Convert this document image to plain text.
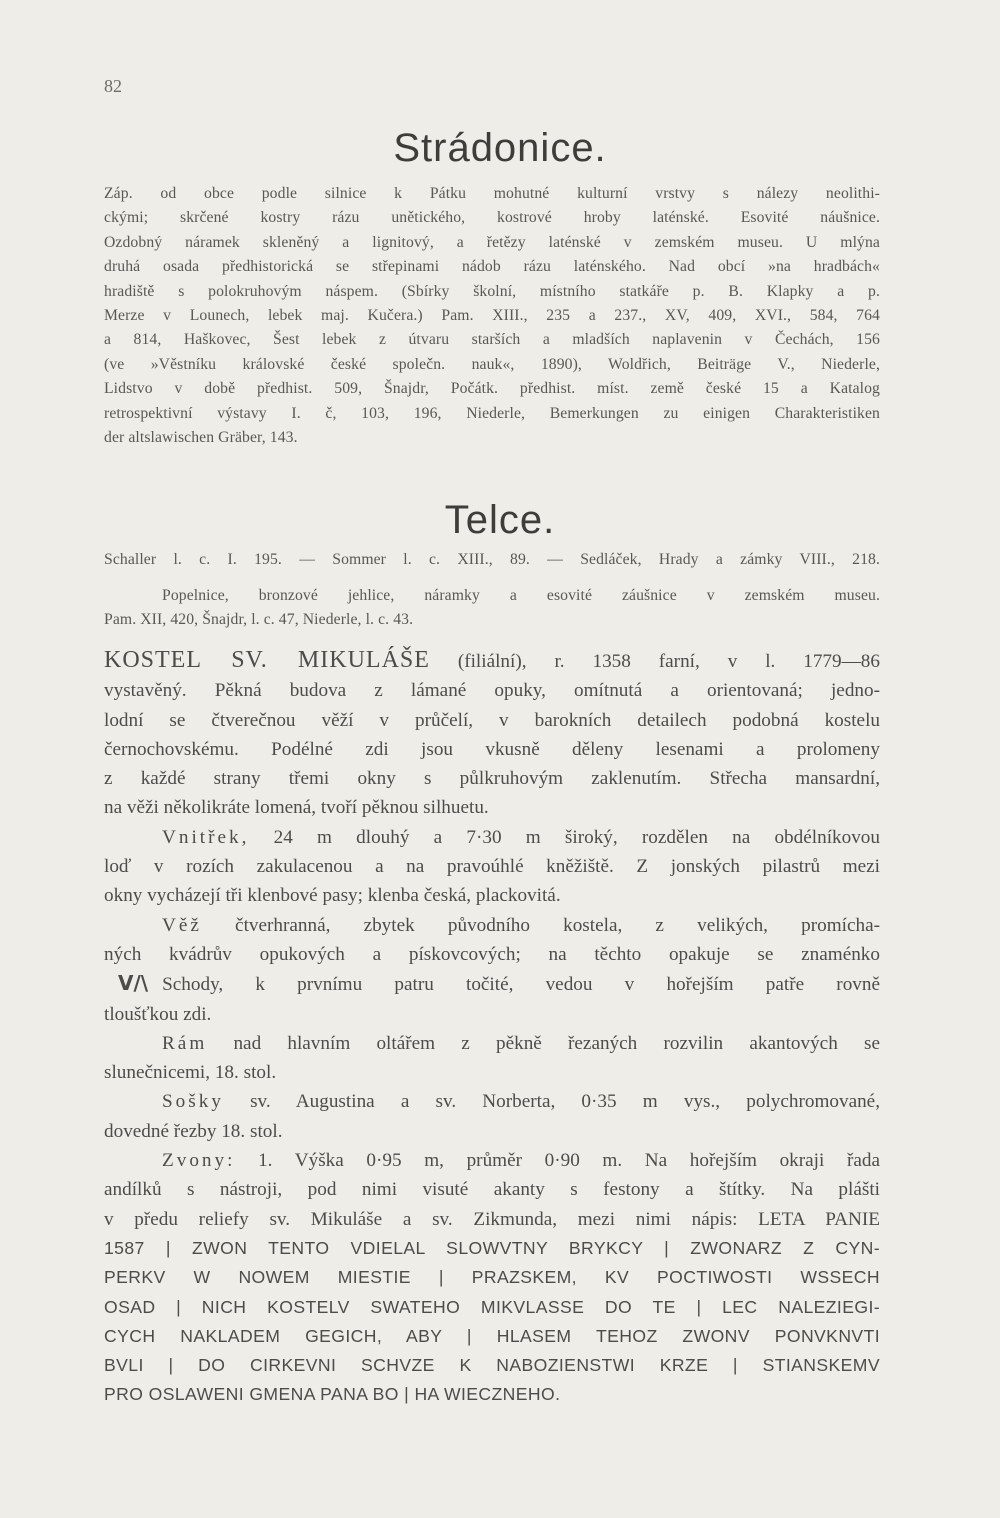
82
Strádonice.
Záp. od obce podle silnice k Pátku mohutné kulturní vrstvy s nálezy neolithi-
ckými; skrčené kostry rázu unětického, kostrové hroby laténské. Esovité náušnice.
Ozdobný náramek skleněný a lignitový, a řetězy laténské v zemském museu. U mlýna
druhá osada předhistorická se střepinami nádob rázu laténského. Nad obcí »na hradbách«
hradiště s polokruhovým náspem. (Sbírky školní, místního statkáře p. B. Klapky a p.
Merze v Lounech, lebek maj. Kučera.) Pam. XIII., 235 a 237., XV, 409, XVI., 584, 764
a 814, Haškovec, Šest lebek z útvaru starších a mladších naplavenin v Čechách, 156
(ve »Věstníku královské české společn. nauk«, 1890), Woldřich, Beiträge V., Niederle,
Lidstvo v době předhist. 509, Šnajdr, Počátk. předhist. míst. země české 15 a Katalog
retrospektivní výstavy I. č, 103, 196, Niederle, Bemerkungen zu einigen Charakteristiken
der altslawischen Gräber, 143.
Telce.
Schaller l. c. I. 195. — Sommer l. c. XIII., 89. — Sedláček, Hrady a zámky VIII., 218.
Popelnice, bronzové jehlice, náramky a esovité záušnice v zemském museu.
Pam. XII, 420, Šnajdr, l. c. 47, Niederle, l. c. 43.
KOSTEL SV. MIKULÁŠE (filiální), r. 1358 farní, v l. 1779—86
vystavěný. Pěkná budova z lámané opuky, omítnutá a orientovaná; jedno-
lodní se čtverečnou věží v průčelí, v barokních detailech podobná kostelu
černochovskému. Podélné zdi jsou vkusně děleny lesenami a prolomeny
z každé strany třemi okny s půlkruhovým zaklenutím. Střecha mansardní,
na věži několikráte lomená, tvoří pěknou silhuetu.
Vnitřek, 24 m dlouhý a 7·30 m široký, rozdělen na obdélníkovou
loď v rozích zakulacenou a na pravoúhlé kněžiště. Z jonských pilastrů mezi
okny vycházejí tři klenbové pasy; klenba česká, plackovitá.
Věž čtverhranná, zbytek původního kostela, z velikých, promícha-
ných kvádrův opukových a pískovcových; na těchto opakuje se znaménko
V/\ Schody, k prvnímu patru točité, vedou v hořejším patře rovně
tloušťkou zdi.
Rám nad hlavním oltářem z pěkně řezaných rozvilin akantových se
slunečnicemi, 18. stol.
Sošky sv. Augustina a sv. Norberta, 0·35 m vys., polychromované,
dovedné řezby 18. stol.
Zvony: 1. Výška 0·95 m, průměr 0·90 m. Na hořejším okraji řada
andílků s nástroji, pod nimi visuté akanty s festony a štítky. Na plášti
v předu reliefy sv. Mikuláše a sv. Zikmunda, mezi nimi nápis: LETA PANIE
1587 | ZWON TENTO VDIELAL SLOWVTNY BRYKCY | ZWONARZ Z CYN-
PERKV W NOWEM MIESTIE | PRAZSKEM, KV POCTIWOSTI WSSECH
OSAD | NICH KOSTELV SWATEHO MIKVLASSE DO TE | LEC NALEZIEGI-
CYCH NAKLADEM GEGICH, ABY | HLASEM TEHOZ ZWONV PONVKNVTI
BVLI | DO CIRKEVNI SCHVZE K NABOZIENSTWI KRZE | STIANSKEMV
PRO OSLAWENI GMENA PANA BO | HA WIECZNEHO.
